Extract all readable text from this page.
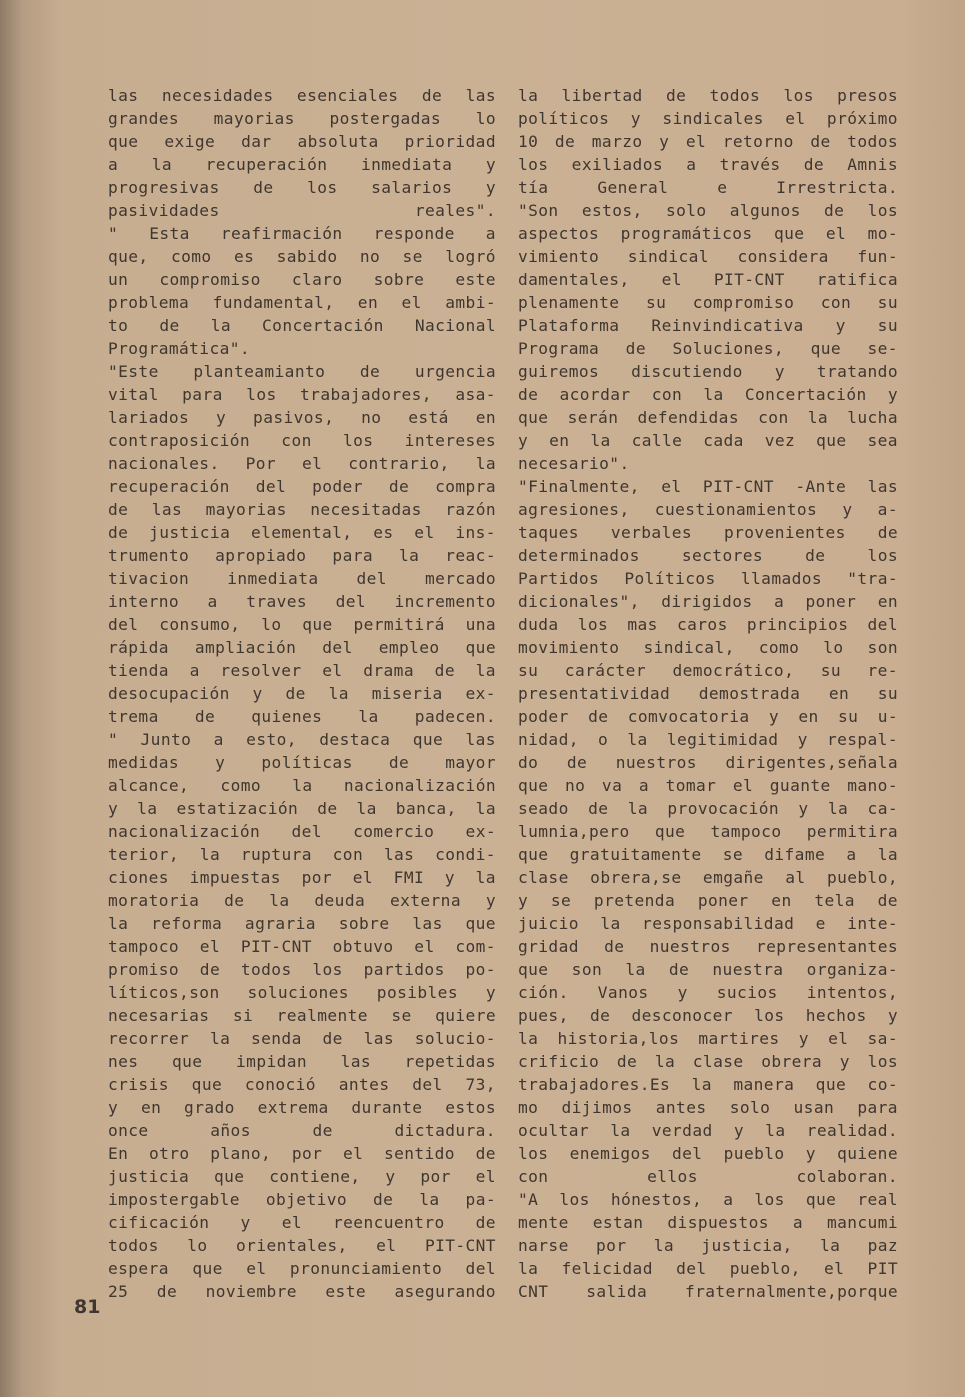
las necesidades esenciales de las
grandes mayorias postergadas lo
que exige dar absoluta prioridad
a la recuperación inmediata y
progresivas de los salarios y
pasividades	reales".
" Esta reafirmación responde a
que, como es sabido no se logró
un compromiso claro sobre este
problema fundamental, en el ambi-
to de la Concertación Nacional
Programática".
"Este planteamianto de urgencia
vital para los trabajadores, asa-
lariados y pasivos, no está en
contraposición con los intereses
nacionales. Por el contrario, la
recuperación del poder de compra
de las mayorias necesitadas razón
de justicia elemental, es el ins-
trumento apropiado para la reac-
tivacion inmediata del mercado
interno a traves del incremento
del consumo, lo que permitirá una
rápida ampliación del empleo que
tienda a resolver el drama de la
desocupación y de la miseria ex-
trema de quienes la padecen.
" Junto a esto, destaca que las
medidas y políticas de mayor
alcance, como la nacionalización
y la estatización de la banca, la
nacionalización del comercio ex-
terior, la ruptura con las condi-
ciones impuestas por el FMI y la
moratoria de la deuda externa y
la reforma agraria sobre las que
tampoco el PIT-CNT obtuvo el com-
promiso de todos los partidos po-
líticos,son soluciones posibles y
necesarias si realmente se quiere
recorrer la senda de las solucio-
nes que impidan las repetidas
crisis que conoció antes del 73,
y en grado extrema durante estos
once	años	de	dictadura.
En otro plano, por el sentido de
justicia que contiene, y por el
impostergable objetivo de la pa-
cificación y el reencuentro de
todos lo orientales, el PIT-CNT
espera que el pronunciamiento del
25 de noviembre este asegurando
la libertad de todos los presos
políticos y sindicales el próximo
10 de marzo y el retorno de todos
los exiliados a través de Amnis
tía	General	e	Irrestricta.
"Son estos, solo algunos de los
aspectos programáticos que el mo-
vimiento sindical considera fun-
damentales, el PIT-CNT ratifica
plenamente su compromiso con su
Plataforma Reinvindicativa y su
Programa de Soluciones, que se-
guiremos discutiendo y tratando
de acordar con la Concertación y
que serán defendidas con la lucha
y en la calle cada vez que sea
necesario".
"Finalmente, el PIT-CNT -Ante las
agresiones, cuestionamientos y a-
taques verbales provenientes de
determinados	sectores	de	los
Partidos Políticos llamados "tra-
dicionales", dirigidos a poner en
duda los mas caros principios del
movimiento sindical, como lo son
su carácter democrático, su re-
presentatividad demostrada en su
poder de comvocatoria y en su u-
nidad, o la legitimidad y respal-
do de nuestros dirigentes,señala
que no va a tomar el guante mano-
seado de la provocación y la ca-
lumnia,pero que tampoco permitira
que gratuitamente se difame a la
clase obrera,se emgañe al pueblo,
y se pretenda poner en tela de
juicio la responsabilidad e inte-
gridad de nuestros representantes
que son la de nuestra organiza-
ción. Vanos y sucios intentos,
pues, de desconocer los hechos y
la historia,los martires y el sa-
crificio de la clase obrera y los
trabajadores.Es la manera que co-
mo dijimos antes solo usan para
ocultar la verdad y la realidad.
los enemigos del pueblo y quiene
con	ellos	colaboran.
"A los hónestos, a los que real
mente estan dispuestos a mancumi
narse por la justicia, la paz
la felicidad del pueblo, el PIT
CNT salida fraternalmente,porque
81
